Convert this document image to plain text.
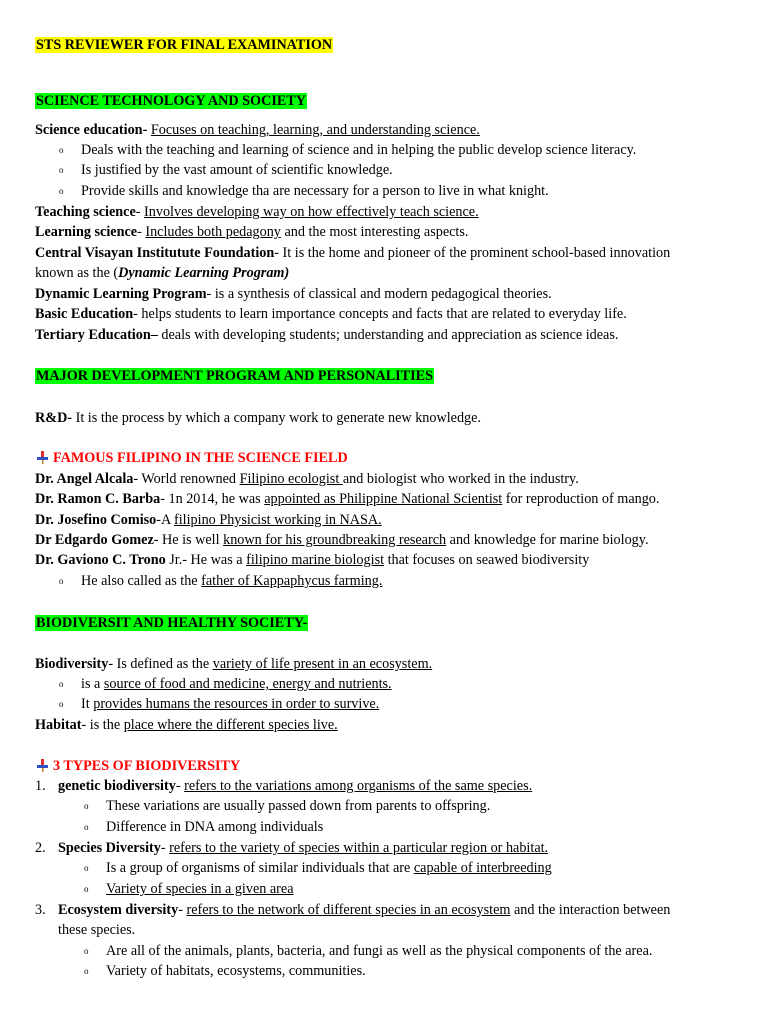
STS REVIEWER FOR FINAL EXAMINATION
SCIENCE TECHNOLOGY AND SOCIETY
Science education- Focuses on teaching, learning, and understanding science.
o Deals with the teaching and learning of science and in helping the public develop science literacy.
o Is justified by the vast amount of scientific knowledge.
o Provide skills and knowledge tha are necessary for a person to live in what knight.
Teaching science- Involves developing way on how effectively teach science.
Learning science- Includes both pedagony and the most interesting aspects.
Central Visayan Institutute Foundation- It is the home and pioneer of the prominent school-based innovation
known as the (Dynamic Learning Program)
Dynamic Learning Program- is a synthesis of classical and modern pedagogical theories.
Basic Education- helps students to learn importance concepts and facts that are related to everyday life.
Tertiary Education– deals with developing students; understanding and appreciation as science ideas.
MAJOR DEVELOPMENT PROGRAM AND PERSONALITIES
R&D- It is the process by which a company work to generate new knowledge.
FAMOUS FILIPINO IN THE SCIENCE FIELD
Dr. Angel Alcala- World renowned Filipino ecologist and biologist who worked in the industry.
Dr. Ramon C. Barba- 1n 2014, he was appointed as Philippine National Scientist for reproduction of mango.
Dr. Josefino Comiso-A filipino Physicist working in NASA.
Dr Edgardo Gomez- He is well known for his groundbreaking research and knowledge for marine biology.
Dr. Gaviono C. Trono Jr.- He was a filipino marine biologist that focuses on seawed biodiversity
o He also called as the father of Kappaphycus farming.
BIODIVERSIT AND HEALTHY SOCIETY-
Biodiversity- Is defined as the variety of life present in an ecosystem.
o is a source of food and medicine, energy and nutrients.
o It provides humans the resources in order to survive.
Habitat- is the place where the different species live.
3 TYPES OF BIODIVERSITY
1. genetic biodiversity- refers to the variations among organisms of the same species.
o These variations are usually passed down from parents to offspring.
o Difference in DNA among individuals
2. Species Diversity- refers to the variety of species within a particular region or habitat.
o Is a group of organisms of similar individuals that are capable of interbreeding
o Variety of species in a given area
3. Ecosystem diversity- refers to the network of different species in an ecosystem and the interaction between
these species.
o Are all of the animals, plants, bacteria, and fungi as well as the physical components of the area.
o Variety of habitats, ecosystems, communities.
